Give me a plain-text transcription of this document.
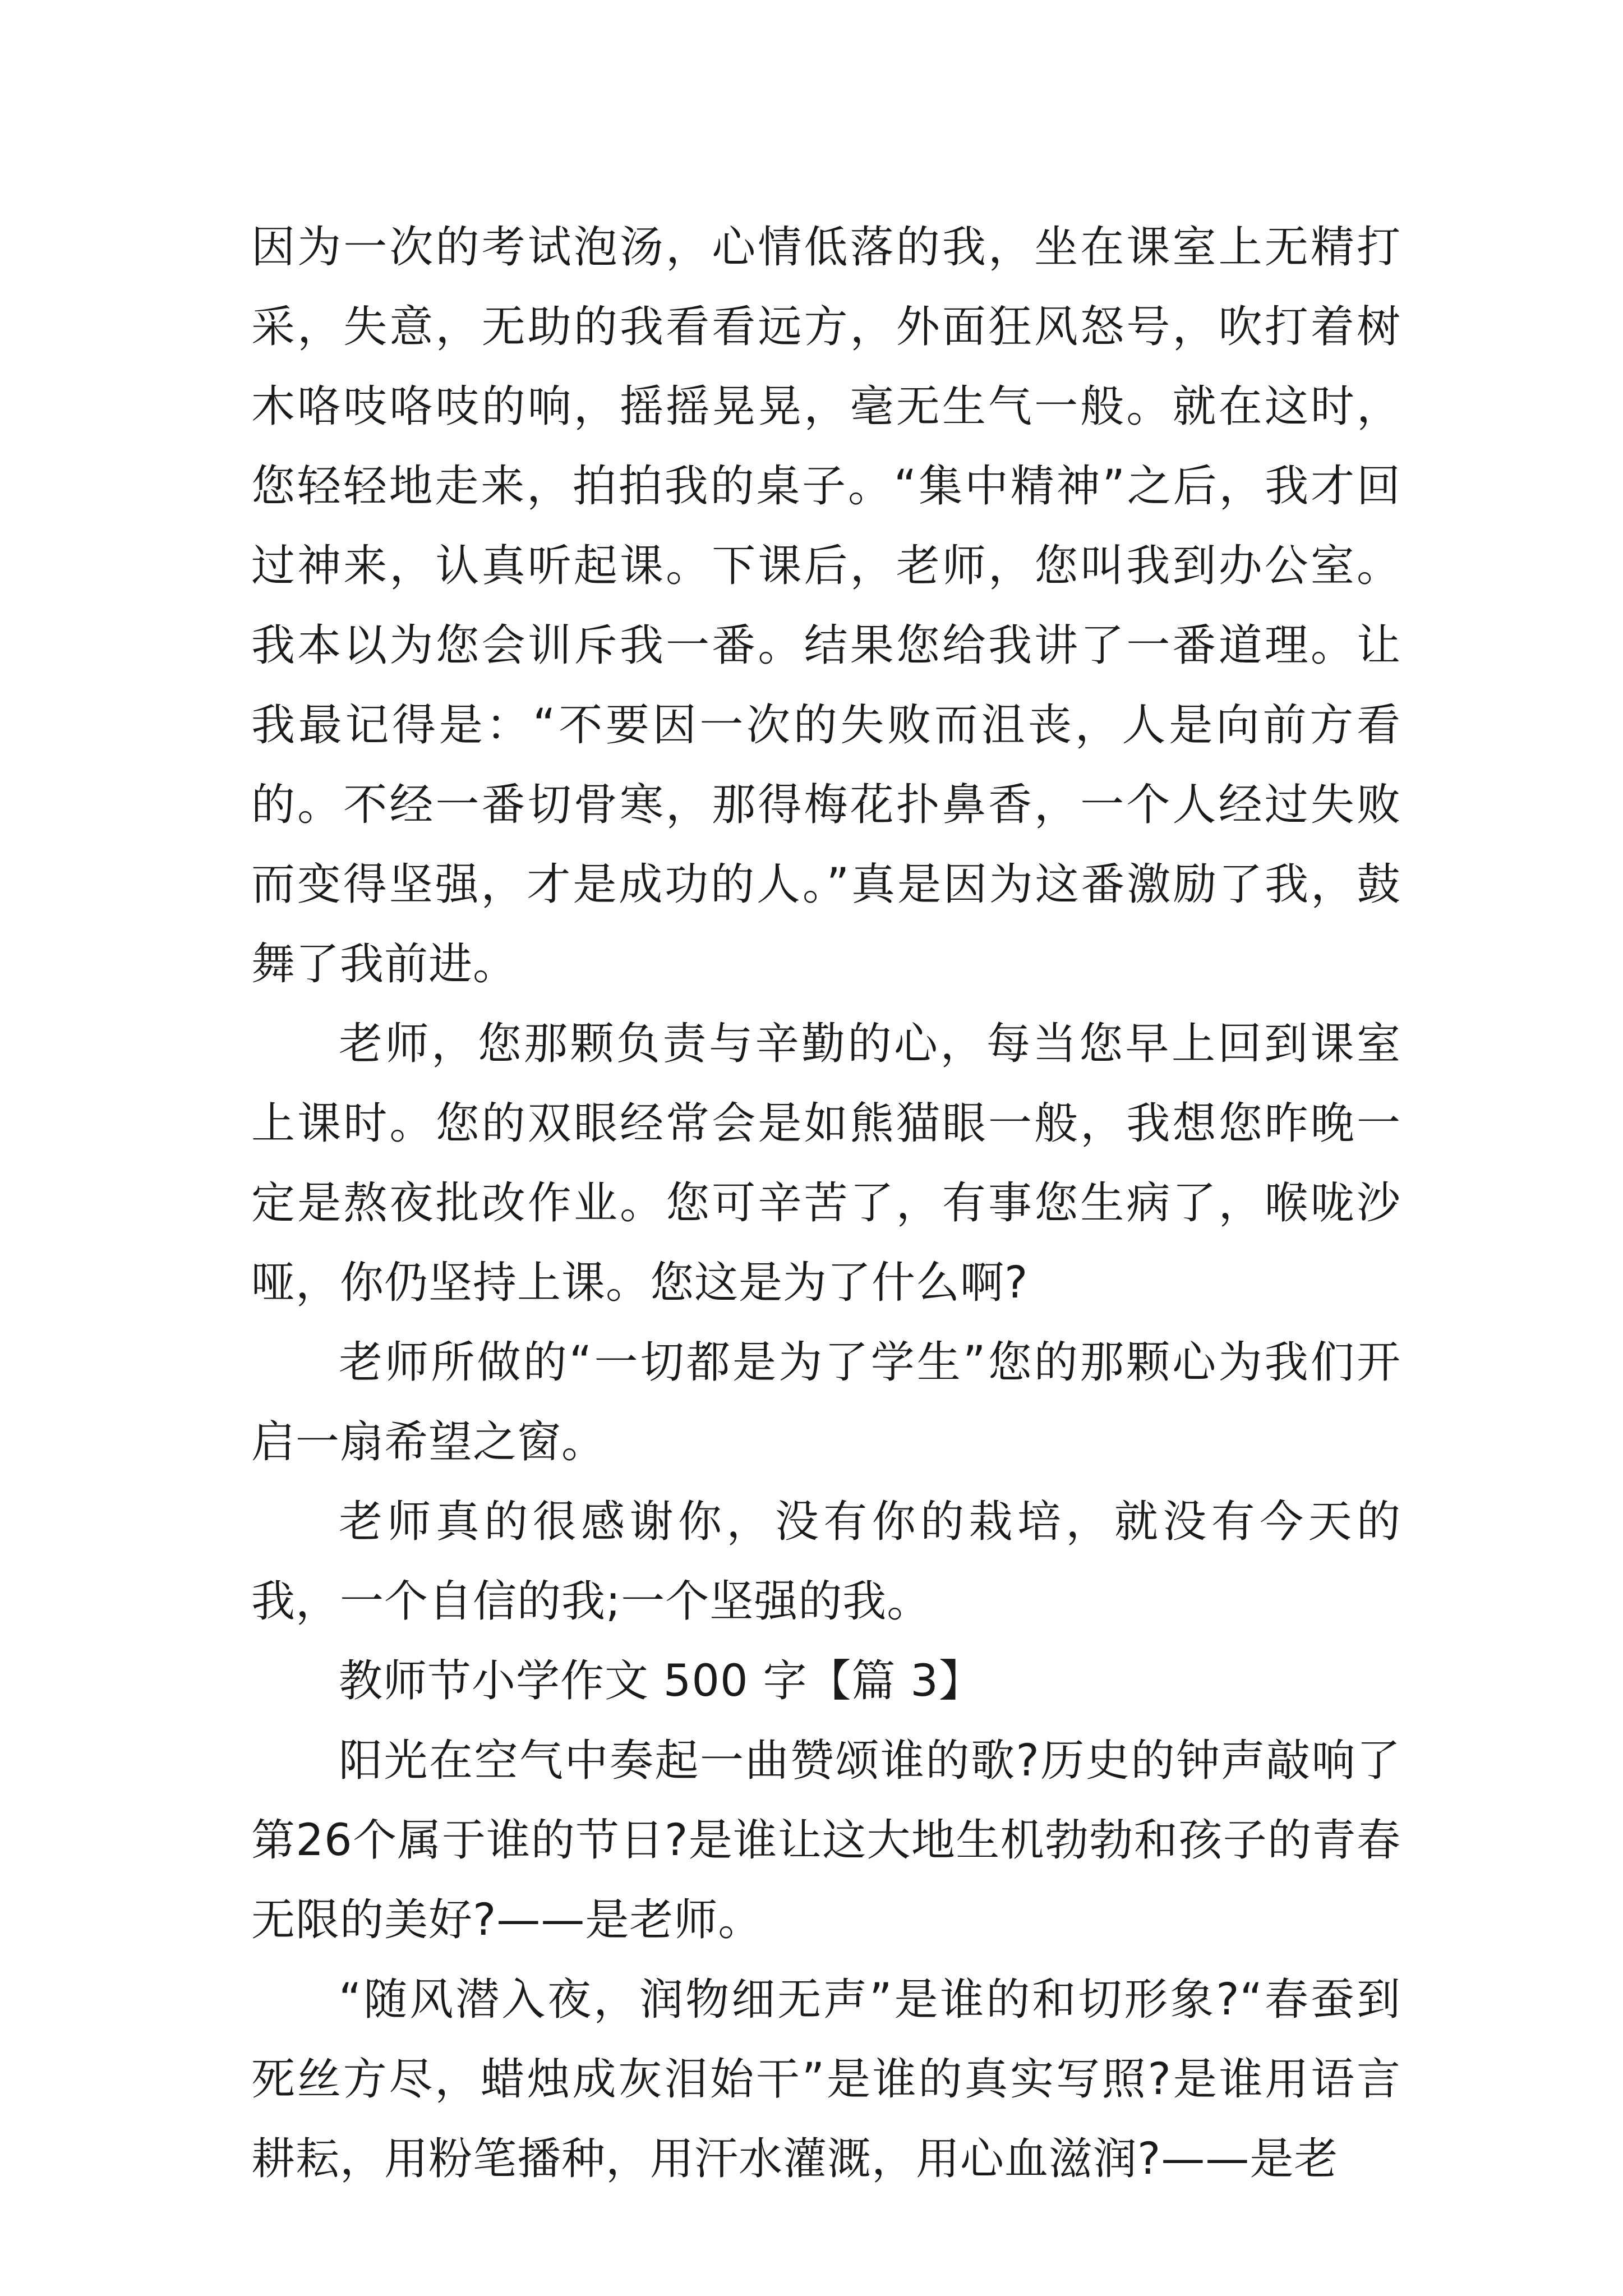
因为一次的考试泡汤，心情低落的我，坐在课室上无精打采，失意，无助的我看看远方，外面狂风怒号，吹打着树木咯吱咯吱的响，摇摇晃晃，毫无生气一般。就在这时，您轻轻地走来，拍拍我的桌子。“集中精神”之后，我才回过神来，认真听起课。下课后，老师，您叫我到办公室。我本以为您会训斥我一番。结果您给我讲了一番道理。让我最记得是：“不要因一次的失败而沮丧，人是向前方看的。不经一番切骨寒，那得梅花扑鼻香，一个人经过失败而变得坚强，才是成功的人。”真是因为这番激励了我，鼓舞了我前进。

老师，您那颗负责与辛勤的心，每当您早上回到课室上课时。您的双眼经常会是如熊猫眼一般，我想您昨晚一定是熬夜批改作业。您可辛苦了，有事您生病了，喉咙沙哑，你仍坚持上课。您这是为了什么啊?

老师所做的“一切都是为了学生”您的那颗心为我们开启一扇希望之窗。

老师真的很感谢你，没有你的栽培，就没有今天的我，一个自信的我;一个坚强的我。

教师节小学作文 500 字【篇 3】

阳光在空气中奏起一曲赞颂谁的歌?历史的钟声敲响了第26个属于谁的节日?是谁让这大地生机勃勃和孩子的青春无限的美好?——是老师。

“随风潜入夜，润物细无声”是谁的和切形象?“春蚕到死丝方尽，蜡烛成灰泪始干”是谁的真实写照?是谁用语言耕耘，用粉笔播种，用汗水灌溉，用心血滋润?——是老
